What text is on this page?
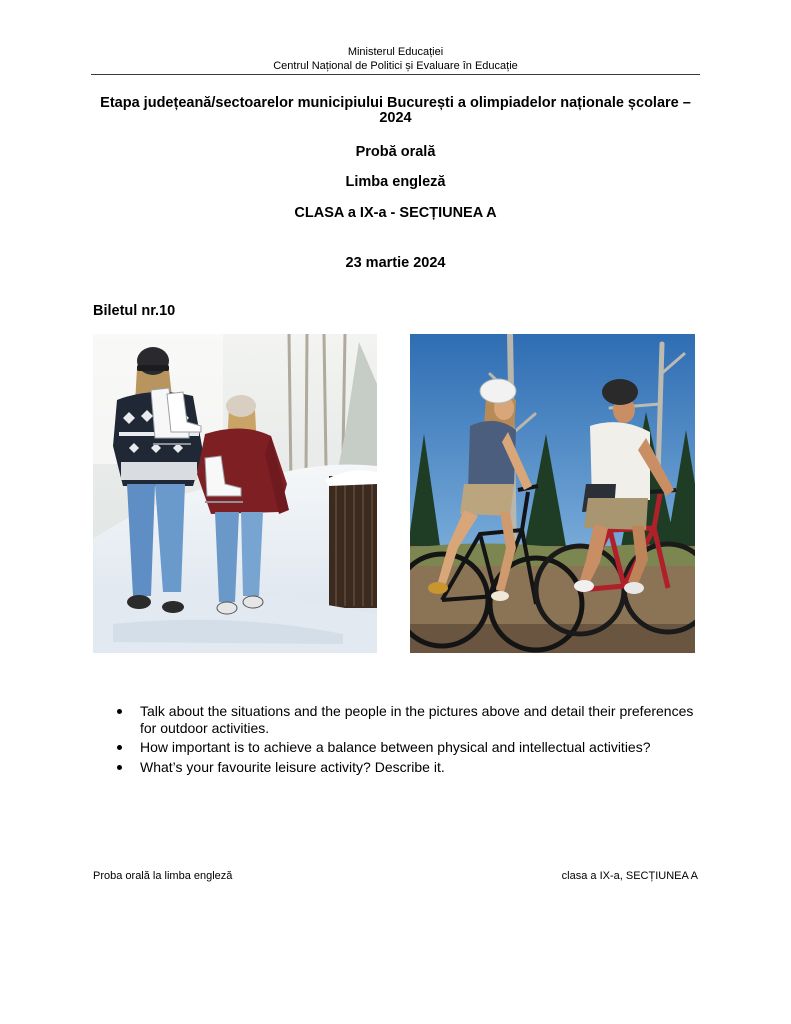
Ministerul Educației
Centrul Național de Politici și Evaluare în Educație
Etapa județeană/sectoarelor municipiului București a olimpiadelor naționale școlare –
2024
Probă orală
Limba engleză
CLASA a IX-a - SECȚIUNEA A
23 martie 2024
Biletul nr.10
Talk about the situations and the people in the pictures above and detail their preferences for outdoor activities.
How important is to achieve a balance between physical and intellectual activities?
What’s your favourite leisure activity? Describe it.
Proba orală la limba engleză	clasa a IX-a, SECȚIUNEA A
